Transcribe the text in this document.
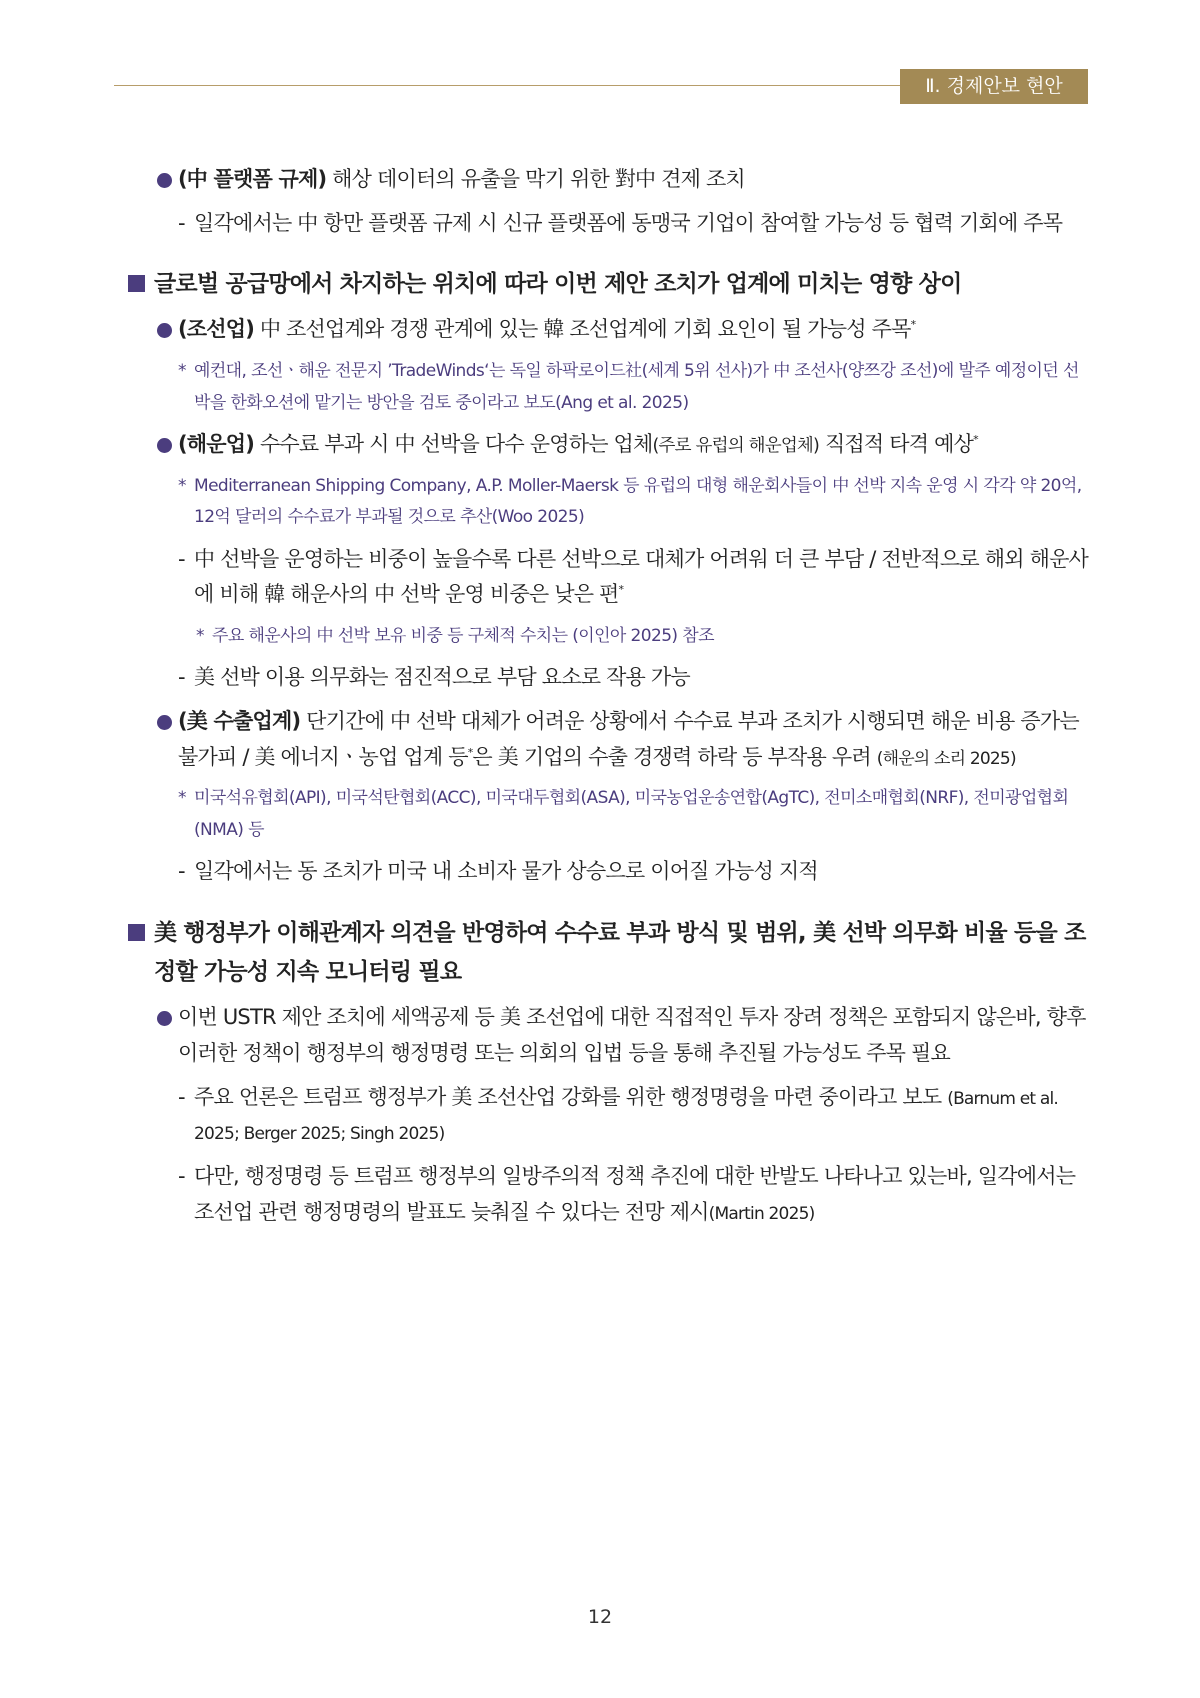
Ⅱ. 경제안보 현안
(中 플랫폼 규제) 해상 데이터의 유출을 막기 위한 對中 견제 조치
- 일각에서는 中 항만 플랫폼 규제 시 신규 플랫폼에 동맹국 기업이 참여할 가능성 등 협력 기회에 주목
글로벌 공급망에서 차지하는 위치에 따라 이번 제안 조치가 업계에 미치는 영향 상이
(조선업) 中 조선업계와 경쟁 관계에 있는 韓 조선업계에 기회 요인이 될 가능성 주목*
* 예컨대, 조선ㆍ해운 전문지 ’TradeWinds‘는 독일 하팍로이드社(세계 5위 선사)가 中 조선사(양쯔강 조선)에 발주 예정이던 선박을 한화오션에 맡기는 방안을 검토 중이라고 보도(Ang et al. 2025)
(해운업) 수수료 부과 시 中 선박을 다수 운영하는 업체(주로 유럽의 해운업체) 직접적 타격 예상*
* Mediterranean Shipping Company, A.P. Moller-Maersk 등 유럽의 대형 해운회사들이 中 선박 지속 운영 시 각각 약 20억, 12억 달러의 수수료가 부과될 것으로 추산(Woo 2025)
- 中 선박을 운영하는 비중이 높을수록 다른 선박으로 대체가 어려워 더 큰 부담 / 전반적으로 해외 해운사에 비해 韓 해운사의 中 선박 운영 비중은 낮은 편*
* 주요 해운사의 中 선박 보유 비중 등 구체적 수치는 (이인아 2025) 참조
- 美 선박 이용 의무화는 점진적으로 부담 요소로 작용 가능
(美 수출업계) 단기간에 中 선박 대체가 어려운 상황에서 수수료 부과 조치가 시행되면 해운 비용 증가는 불가피 / 美 에너지ㆍ농업 업계 등*은 美 기업의 수출 경쟁력 하락 등 부작용 우려 (해운의 소리 2025)
* 미국석유협회(API), 미국석탄협회(ACC), 미국대두협회(ASA), 미국농업운송연합(AgTC), 전미소매협회(NRF), 전미광업협회(NMA) 등
- 일각에서는 동 조치가 미국 내 소비자 물가 상승으로 이어질 가능성 지적
美 행정부가 이해관계자 의견을 반영하여 수수료 부과 방식 및 범위, 美 선박 의무화 비율 등을 조정할 가능성 지속 모니터링 필요
이번 USTR 제안 조치에 세액공제 등 美 조선업에 대한 직접적인 투자 장려 정책은 포함되지 않은바, 향후 이러한 정책이 행정부의 행정명령 또는 의회의 입법 등을 통해 추진될 가능성도 주목 필요
- 주요 언론은 트럼프 행정부가 美 조선산업 강화를 위한 행정명령을 마련 중이라고 보도 (Barnum et al. 2025; Berger 2025; Singh 2025)
- 다만, 행정명령 등 트럼프 행정부의 일방주의적 정책 추진에 대한 반발도 나타나고 있는바, 일각에서는 조선업 관련 행정명령의 발표도 늦춰질 수 있다는 전망 제시(Martin 2025)
12
